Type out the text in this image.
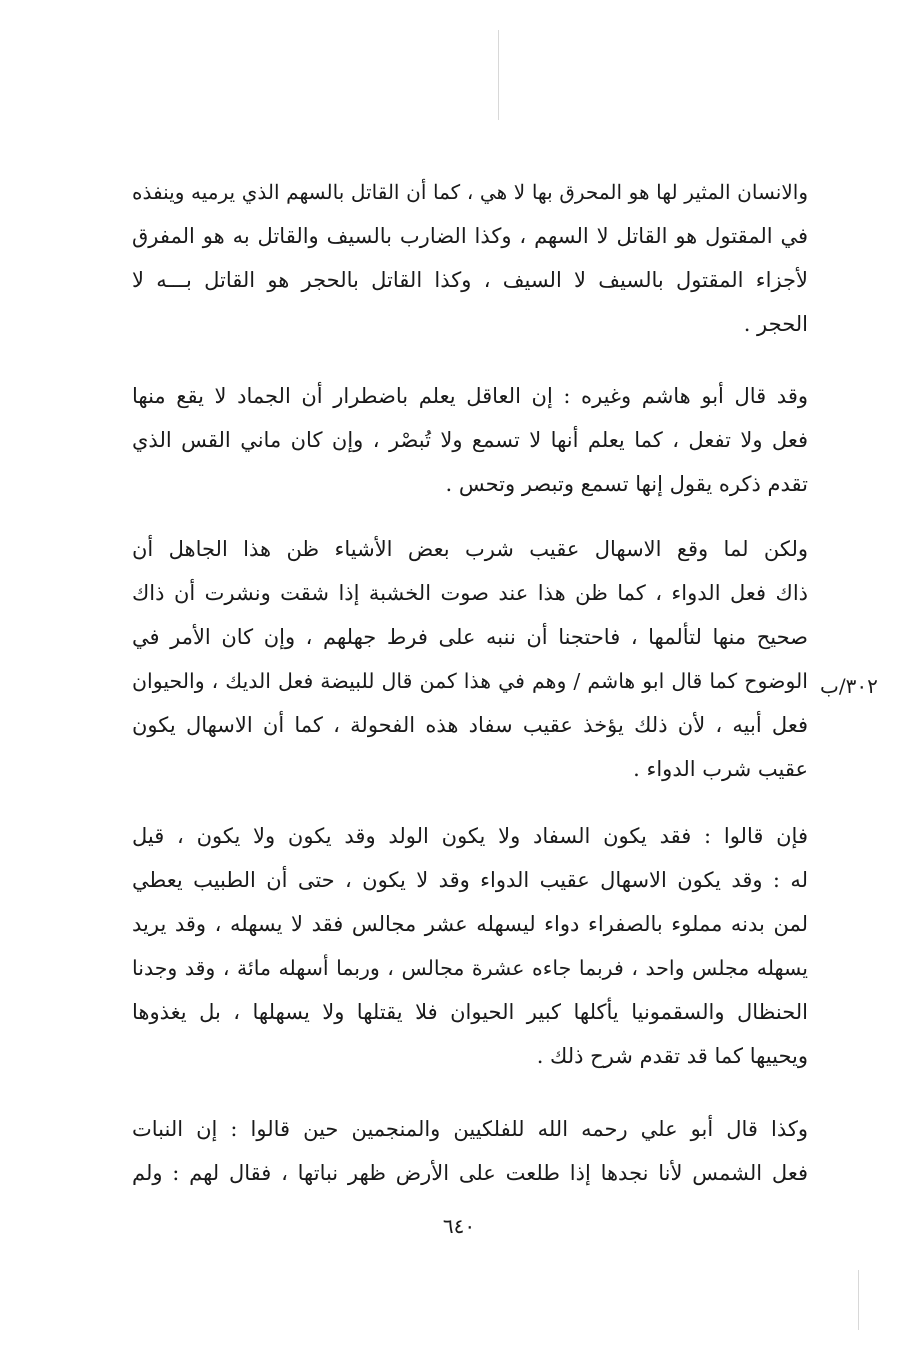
والانسان المثير لها هو المحرق بها لا هي ، كما أن القاتل بالسهم الذي يرميه وينفذه
في المقتول هو القاتل لا السهم ، وكذا الضارب بالسيف والقاتل به هو المفرق
لأجزاء المقتول بالسيف لا السيف ، وكذا القاتل بالحجر هو القاتل بـــه لا
الحجر .
وقد قال أبو هاشم وغيره : إن العاقل يعلم باضطرار أن الجماد لا يقع منها
فعل ولا تفعل ، كما يعلم أنها لا تسمع ولا تُبصْر ، وإن كان ماني القس الذي
تقدم ذكره يقول إنها تسمع وتبصر وتحس .
ولكن لما وقع الاسهال عقيب شرب بعض الأشياء ظن هذا الجاهل أن
ذاك فعل الدواء ، كما ظن هذا عند صوت الخشبة إذا شقت ونشرت أن ذاك
صحيح منها لتألمها ، فاحتجنا أن ننبه على فرط جهلهم ، وإن كان الأمر في
الوضوح كما قال ابو هاشم / وهم في هذا كمن قال للبيضة فعل الديك ، والحيوان
فعل أبيه ، لأن ذلك يؤخذ عقيب سفاد هذه الفحولة ، كما أن الاسهال يكون
عقيب شرب الدواء .
٣٠٢/ب
فإن قالوا : فقد يكون السفاد ولا يكون الولد وقد يكون ولا يكون ، قيل
له : وقد يكون الاسهال عقيب الدواء وقد لا يكون ، حتى أن الطبيب يعطي
لمن بدنه مملوء بالصفراء دواء ليسهله عشر مجالس فقد لا يسهله ، وقد يريد
يسهله مجلس واحد ، فربما جاءه عشرة مجالس ، وربما أسهله مائة ، وقد وجدنا
الحنظال والسقمونيا يأكلها كبير الحيوان فلا يقتلها ولا يسهلها ، بل يغذوها
ويحييها كما قد تقدم شرح ذلك .
وكذا قال أبو علي رحمه الله للفلكيين والمنجمين حين قالوا : إن النبات
فعل الشمس لأنا نجدها إذا طلعت على الأرض ظهر نباتها ، فقال لهم : ولم
٦٤٠
